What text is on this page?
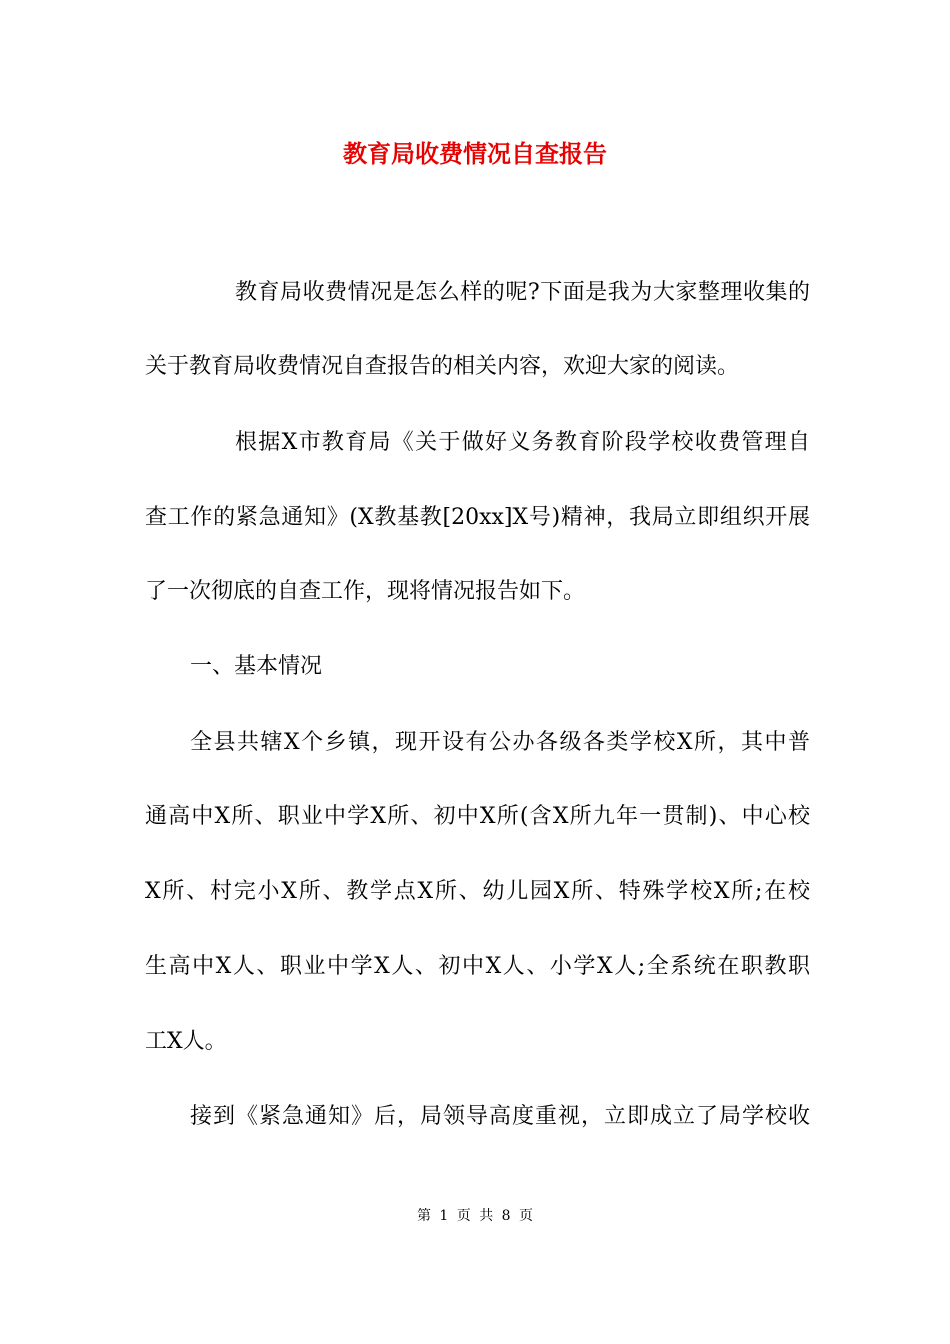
教育局收费情况自查报告
教育局收费情况是怎么样的呢?下面是我为大家整理收集的
关于教育局收费情况自查报告的相关内容，欢迎大家的阅读。
根据X市教育局《关于做好义务教育阶段学校收费管理自
查工作的紧急通知》(X教基教[20xx]X号)精神，我局立即组织开展
了一次彻底的自查工作，现将情况报告如下。
一、基本情况
全县共辖X个乡镇，现开设有公办各级各类学校X所，其中普
通高中X所、职业中学X所、初中X所(含X所九年一贯制)、中心校
X所、村完小X所、教学点X所、幼儿园X所、特殊学校X所;在校
生高中X人、职业中学X人、初中X人、小学X人;全系统在职教职
工X人。
接到《紧急通知》后，局领导高度重视，立即成立了局学校收
第 1 页 共 8 页
